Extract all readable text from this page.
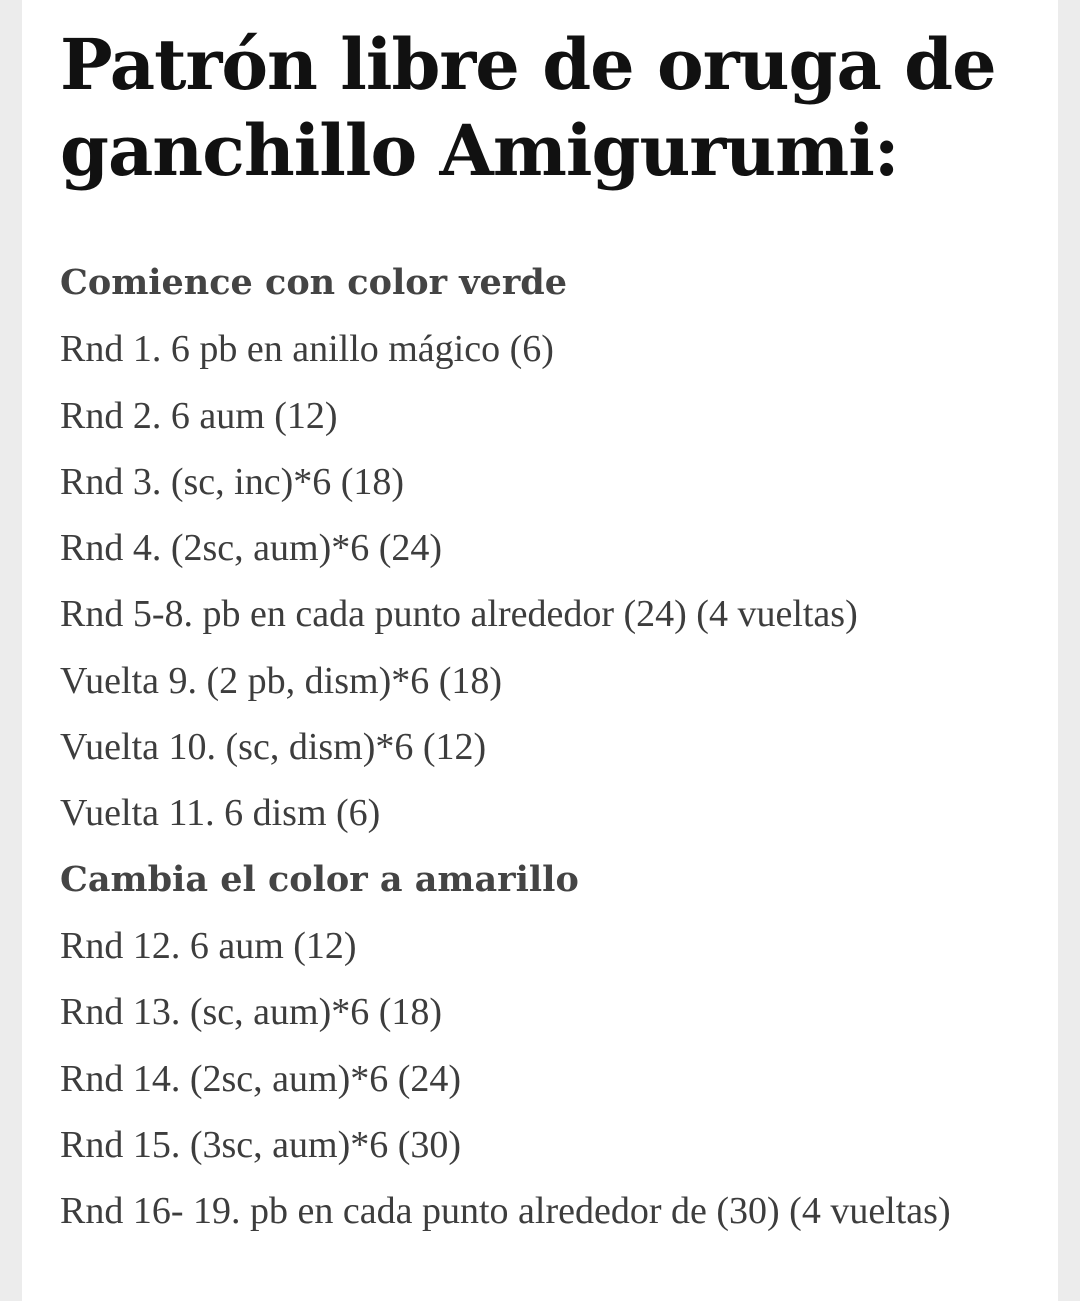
Patrón libre de oruga de ganchillo Amigurumi:
Comience con color verde
Rnd 1. 6 pb en anillo mágico (6)
Rnd 2. 6 aum (12)
Rnd 3. (sc, inc)*6 (18)
Rnd 4. (2sc, aum)*6 (24)
Rnd 5-8. pb en cada punto alrededor (24) (4 vueltas)
Vuelta 9. (2 pb, dism)*6 (18)
Vuelta 10. (sc, dism)*6 (12)
Vuelta 11. 6 dism (6)
Cambia el color a amarillo
Rnd 12. 6 aum (12)
Rnd 13. (sc, aum)*6 (18)
Rnd 14. (2sc, aum)*6 (24)
Rnd 15. (3sc, aum)*6 (30)
Rnd 16- 19. pb en cada punto alrededor de (30) (4 vueltas)
